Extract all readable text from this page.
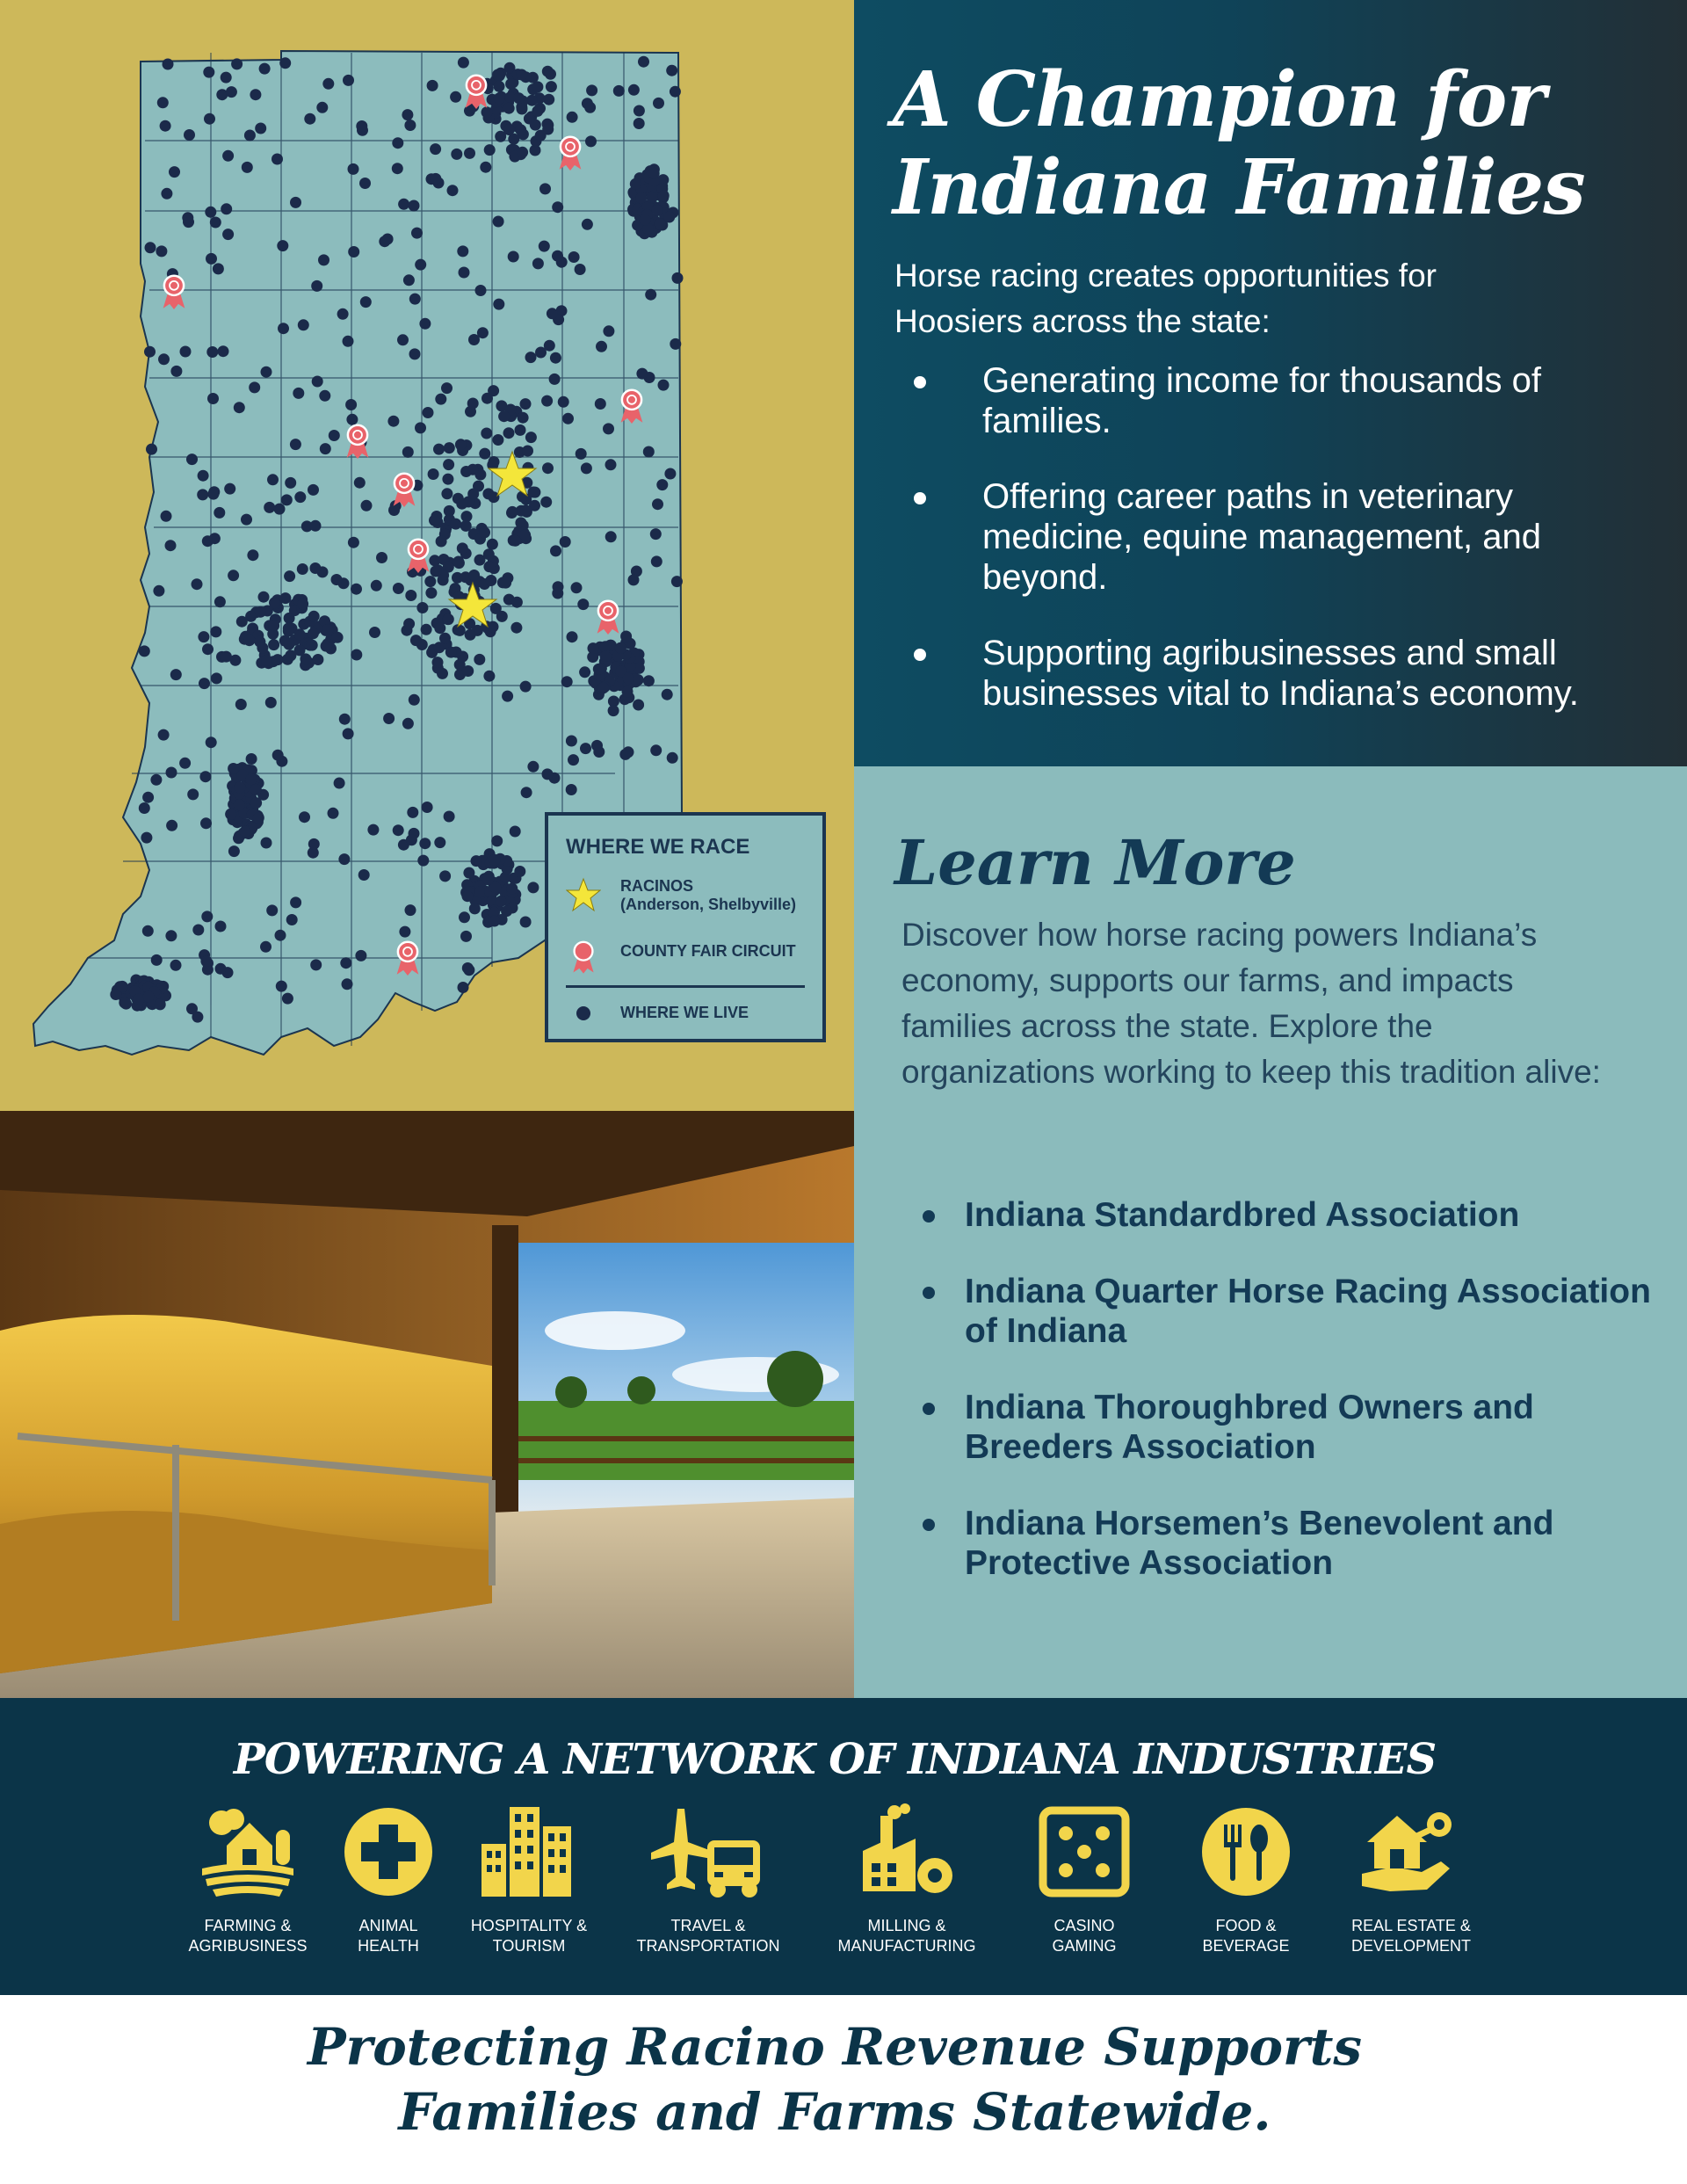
WHERE WE RACE
RACINOS
(Anderson, Shelbyville)
COUNTY FAIR CIRCUIT
WHERE WE LIVE
A Champion for
Indiana Families
Horse racing creates opportunities for Hoosiers across the state:
Generating income for thousands of families.
Offering career paths in veterinary medicine, equine management, and beyond.
Supporting agribusinesses and small businesses vital to Indiana’s economy.
Learn More
Discover how horse racing powers Indiana’s economy, supports our farms, and impacts families across the state. Explore the organizations working to keep this tradition alive:
Indiana Standardbred Association
Indiana Quarter Horse Racing Association of Indiana
Indiana Thoroughbred Owners and Breeders Association
Indiana Horsemen’s Benevolent and Protective Association
POWERING A NETWORK OF INDIANA INDUSTRIES
FARMING &
AGRIBUSINESS
ANIMAL
HEALTH
HOSPITALITY &
TOURISM
TRAVEL &
TRANSPORTATION
MILLING &
MANUFACTURING
CASINO
GAMING
FOOD &
BEVERAGE
REAL ESTATE &
DEVELOPMENT

Protecting Racino Revenue Supports
Families and Farms Statewide.
